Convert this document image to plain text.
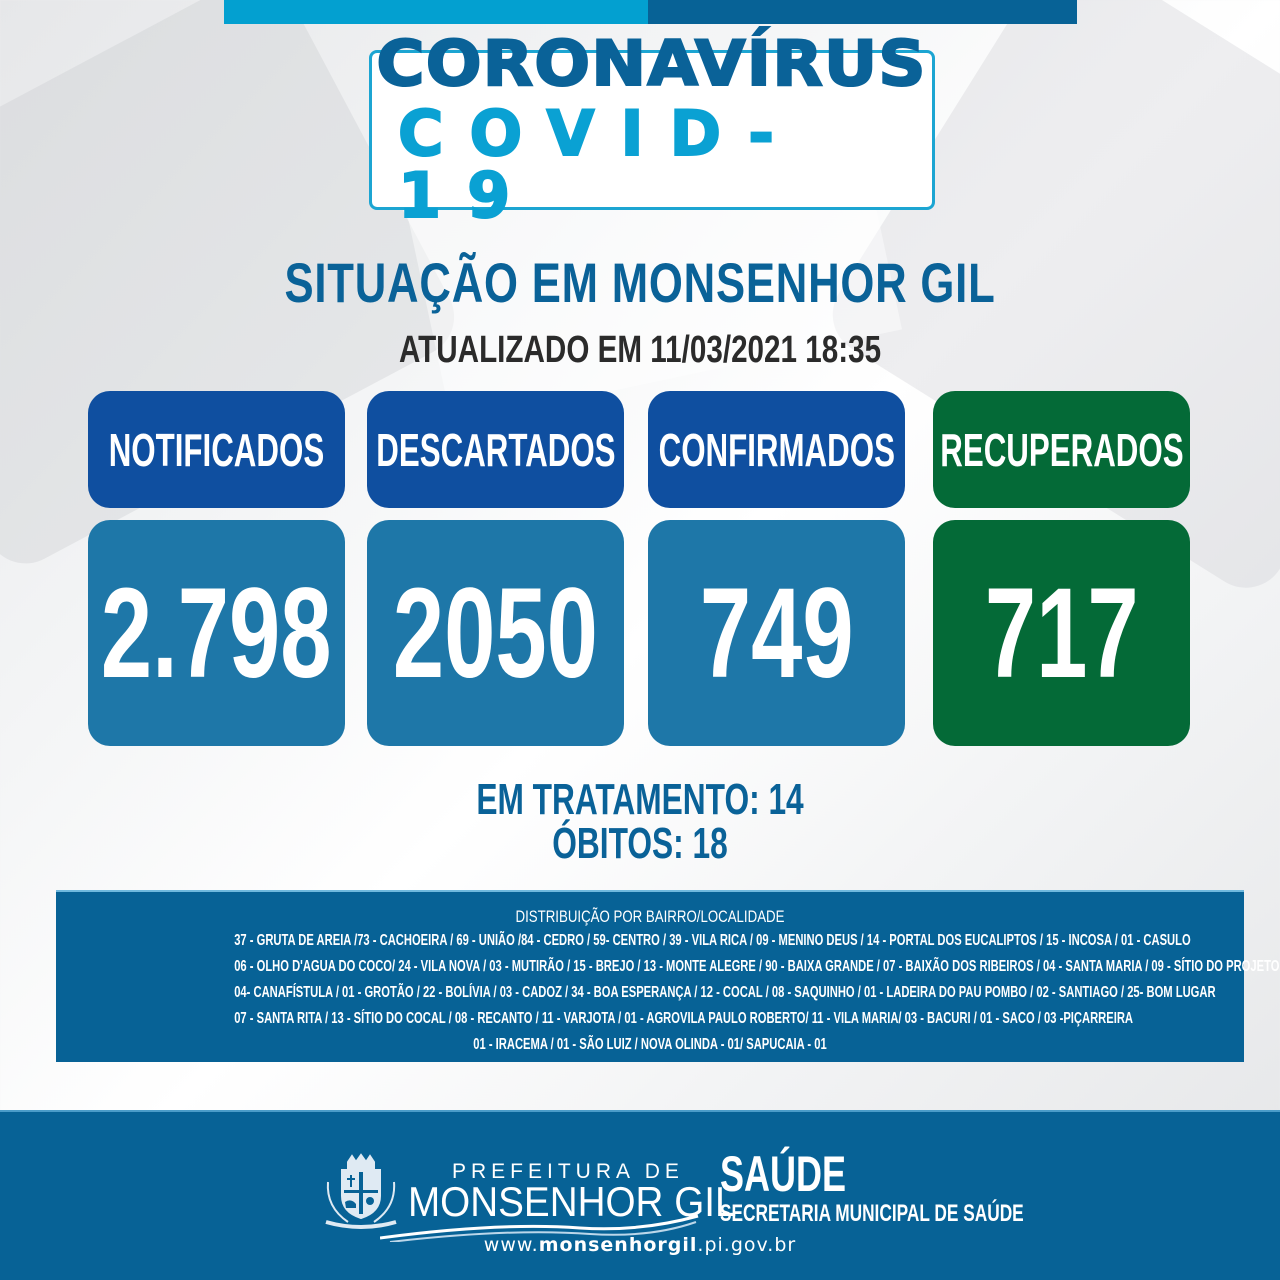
CORONAVÍRUS
COVID-19
SITUAÇÃO EM MONSENHOR GIL
ATUALIZADO EM 11/03/2021 18:35
NOTIFICADOS DESCARTADOS CONFIRMADOS RECUPERADOS
2.798 2050 749 717
EM TRATAMENTO: 14
ÓBITOS: 18
DISTRIBUIÇÃO POR BAIRRO/LOCALIDADE
37 - GRUTA DE AREIA /73 - CACHOEIRA / 69 - UNIÃO /84 - CEDRO / 59- CENTRO / 39 - VILA RICA / 09 - MENINO DEUS / 14 - PORTAL DOS EUCALIPTOS / 15 - INCOSA / 01 - CASULO
06 - OLHO D'AGUA DO COCO/ 24 - VILA NOVA / 03 - MUTIRÃO / 15 - BREJO / 13 - MONTE ALEGRE / 90 - BAIXA GRANDE / 07 - BAIXÃO DOS RIBEIROS / 04 - SANTA MARIA / 09 - SÍTIO DO PROJETO
04- CANAFÍSTULA / 01 - GROTÃO / 22 - BOLÍVIA / 03 - CADOZ / 34 - BOA ESPERANÇA / 12 - COCAL / 08 - SAQUINHO / 01 - LADEIRA DO PAU POMBO / 02 - SANTIAGO / 25- BOM LUGAR
07 - SANTA RITA / 13 - SÍTIO DO COCAL / 08 - RECANTO / 11 - VARJOTA / 01 - AGROVILA PAULO ROBERTO/ 11 - VILA MARIA/ 03 - BACURI / 01 - SACO / 03 -PIÇARREIRA
01 - IRACEMA / 01 - SÃO LUIZ / NOVA OLINDA - 01/ SAPUCAIA - 01
PREFEITURA DE
MONSENHOR GIL
SAÚDE
SECRETARIA MUNICIPAL DE SAÚDE
www.monsenhorgil.pi.gov.br
